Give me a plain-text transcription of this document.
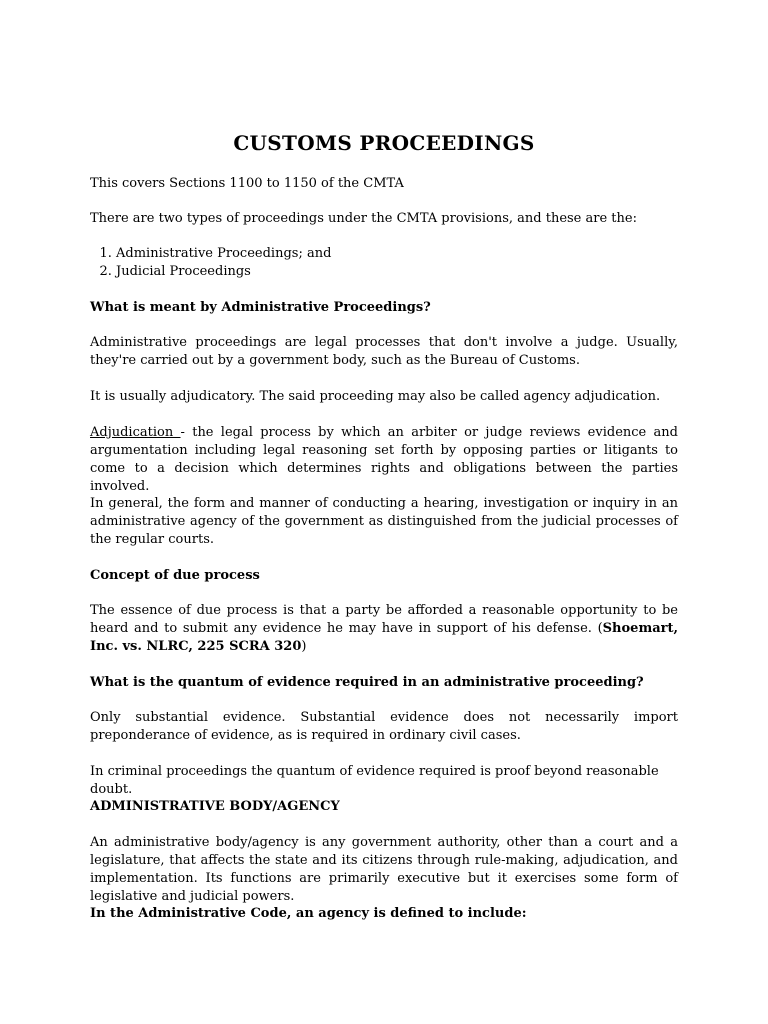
CUSTOMS PROCEEDINGS

This covers Sections 1100 to 1150 of the CMTA

There are two types of proceedings under the CMTA provisions, and these are the:

1. Administrative Proceedings; and
2. Judicial Proceedings

What is meant by Administrative Proceedings?

Administrative proceedings are legal processes that don't involve a judge. Usually, they're carried out by a government body, such as the Bureau of Customs.

It is usually adjudicatory. The said proceeding may also be called agency adjudication.

Adjudication - the legal process by which an arbiter or judge reviews evidence and argumentation including legal reasoning set forth by opposing parties or litigants to come to a decision which determines rights and obligations between the parties involved.

In general, the form and manner of conducting a hearing, investigation or inquiry in an administrative agency of the government as distinguished from the judicial processes of the regular courts.

Concept of due process

The essence of due process is that a party be afforded a reasonable opportunity to be heard and to submit any evidence he may have in support of his defense. (Shoemart, Inc. vs. NLRC, 225 SCRA 320)

What is the quantum of evidence required in an administrative proceeding?

Only substantial evidence. Substantial evidence does not necessarily import preponderance of evidence, as is required in ordinary civil cases.

In criminal proceedings the quantum of evidence required is proof beyond reasonable doubt.

ADMINISTRATIVE BODY/AGENCY

An administrative body/agency is any government authority, other than a court and a legislature, that affects the state and its citizens through rule-making, adjudication, and implementation. Its functions are primarily executive but it exercises some form of legislative and judicial powers.

In the Administrative Code, an agency is defined to include:
